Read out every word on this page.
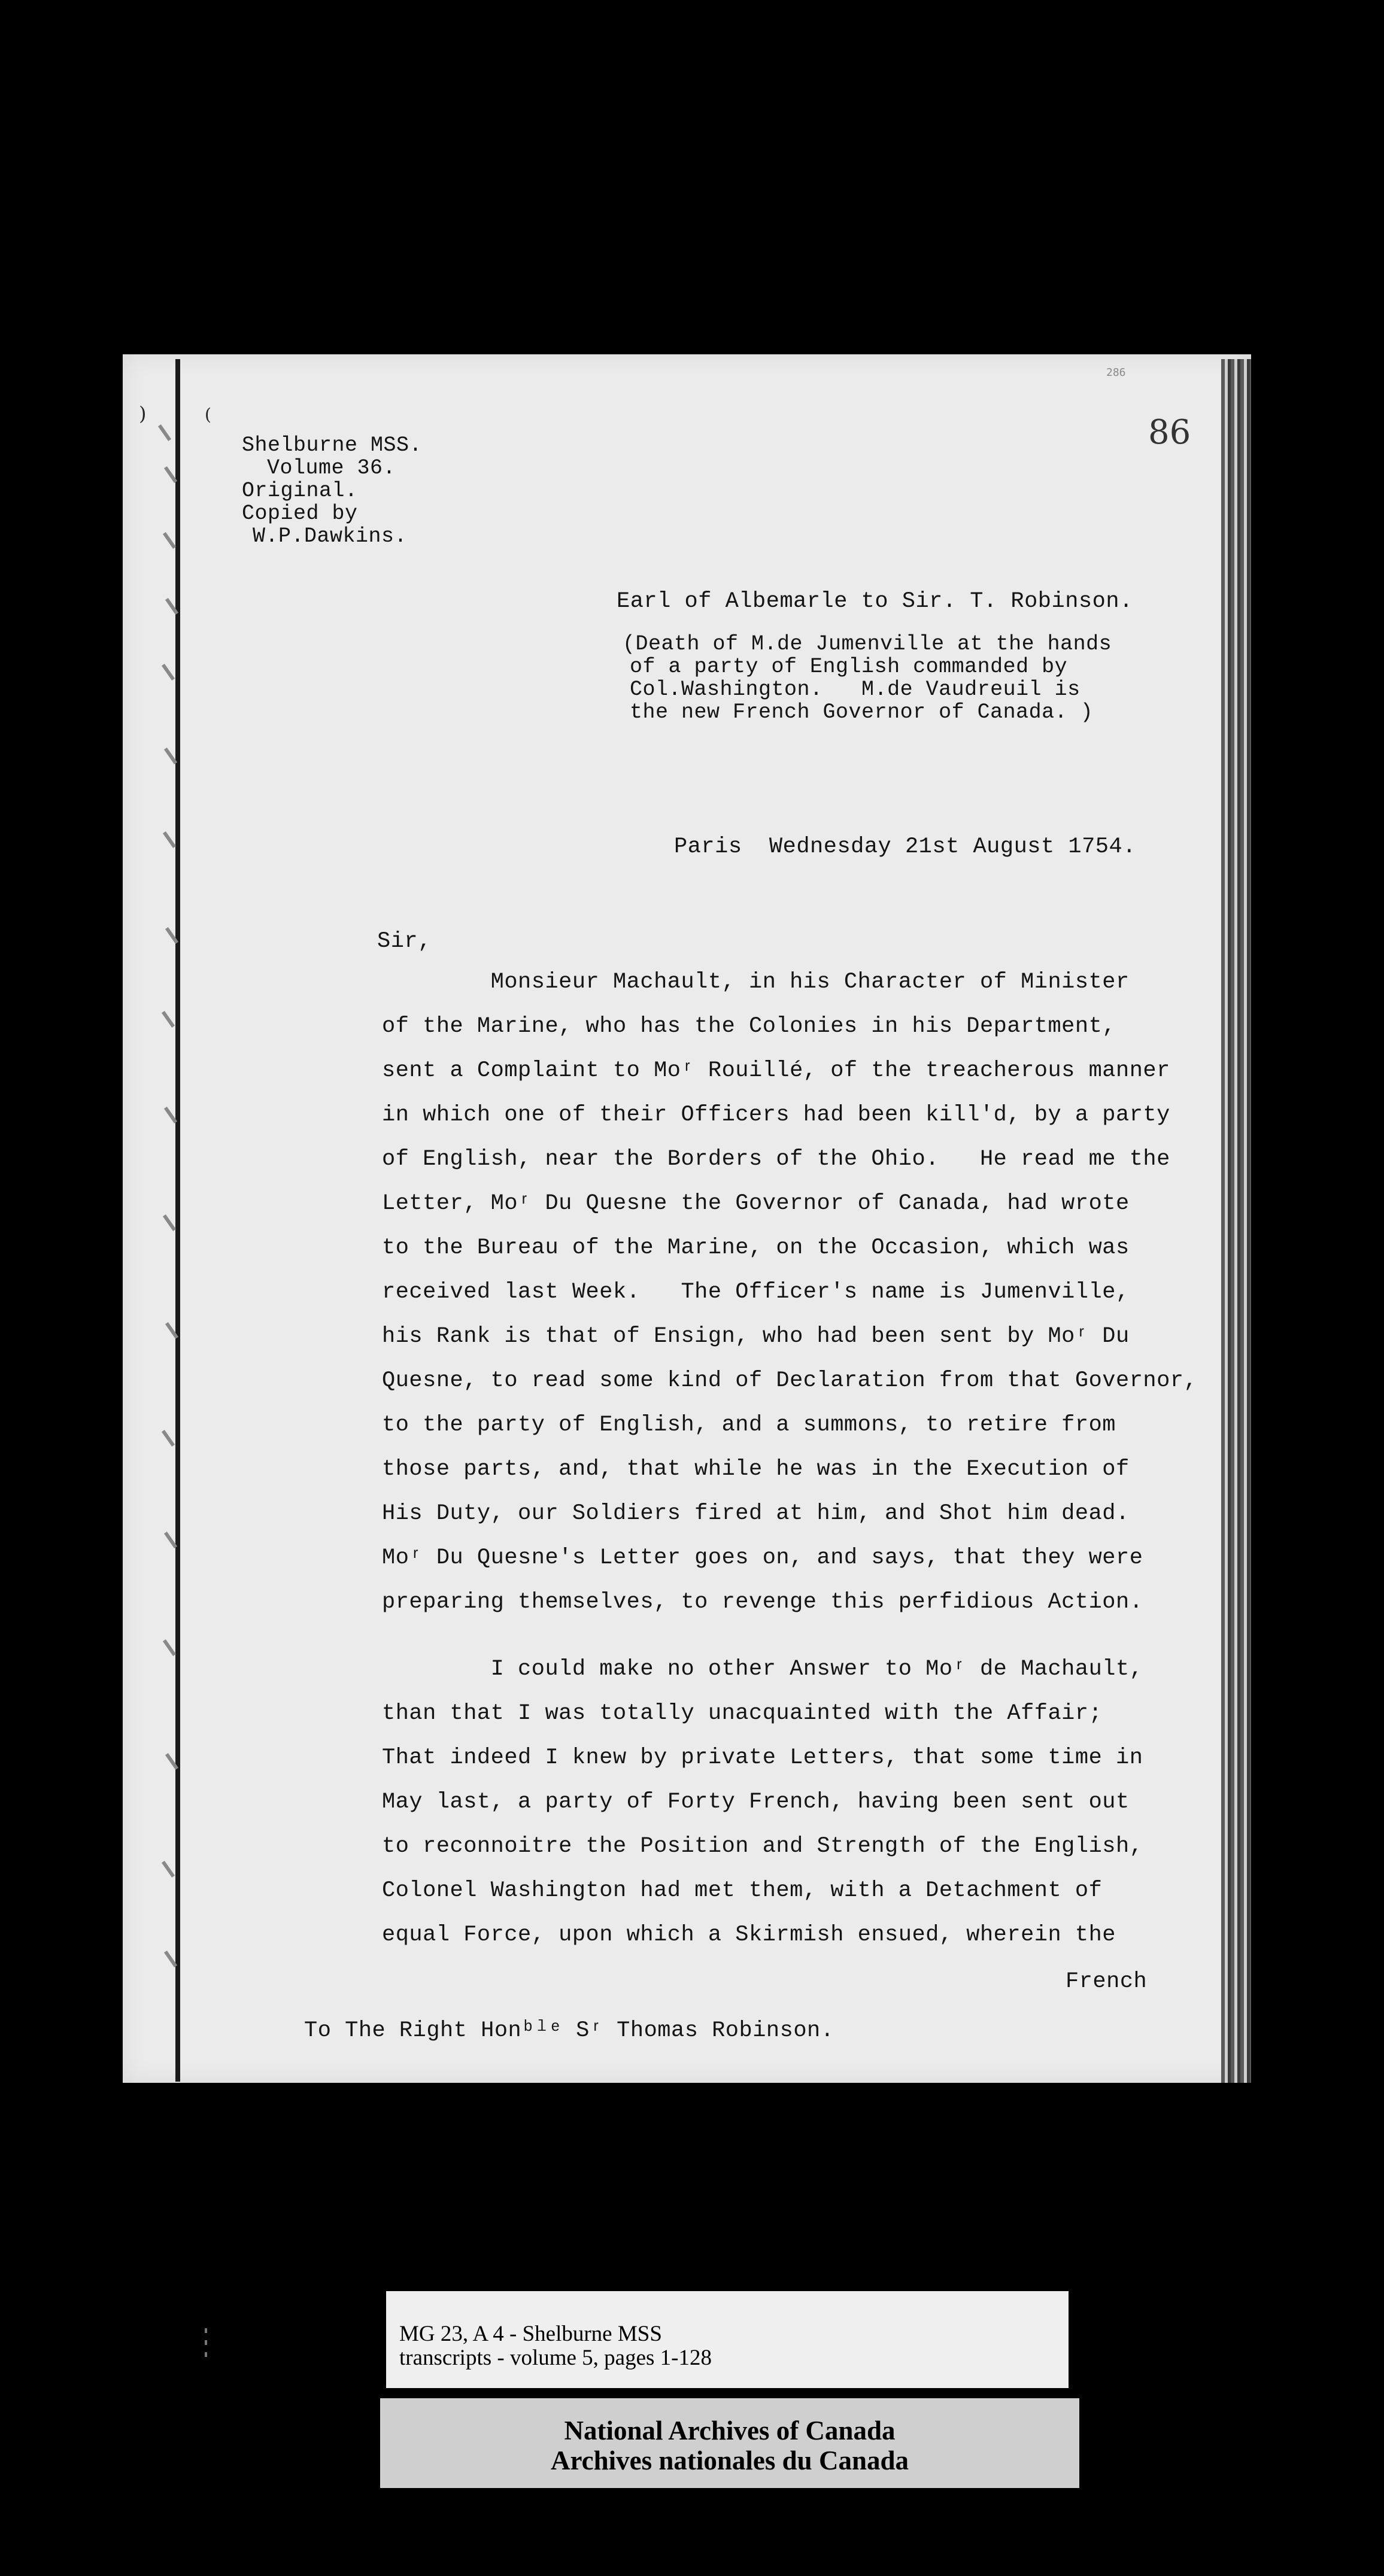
)	(
286
86
Shelburne MSS.
Volume 36.
Original.
Copied by
W.P.Dawkins.
Earl of Albemarle to Sir. T. Robinson.
(Death of M.de Jumenville at the hands
of a party of English commanded by
Col.Washington.   M.de Vaudreuil is
the new French Governor of Canada. )
Paris  Wednesday 21st August 1754.
Sir,
Monsieur Machault, in his Character of Minister
of the Marine, who has the Colonies in his Department,
sent a Complaint to Moʳ Rouillé, of the treacherous manner
in which one of their Officers had been kill'd, by a party
of English, near the Borders of the Ohio.   He read me the
Letter, Moʳ Du Quesne the Governor of Canada, had wrote
to the Bureau of the Marine, on the Occasion, which was
received last Week.   The Officer's name is Jumenville,
his Rank is that of Ensign, who had been sent by Moʳ Du
Quesne, to read some kind of Declaration from that Governor,
to the party of English, and a summons, to retire from
those parts, and, that while he was in the Execution of
His Duty, our Soldiers fired at him, and Shot him dead.
Moʳ Du Quesne's Letter goes on, and says, that they were
preparing themselves, to revenge this perfidious Action.
I could make no other Answer to Moʳ de Machault,
than that I was totally unacquainted with the Affair;
That indeed I knew by private Letters, that some time in
May last, a party of Forty French, having been sent out
to reconnoitre the Position and Strength of the English,
Colonel Washington had met them, with a Detachment of
equal Force, upon which a Skirmish ensued, wherein the
French
To The Right Honᵇˡᵉ Sʳ Thomas Robinson.
MG 23, A 4 - Shelburne MSS
transcripts - volume 5, pages 1-128
National Archives of Canada
Archives nationales du Canada
